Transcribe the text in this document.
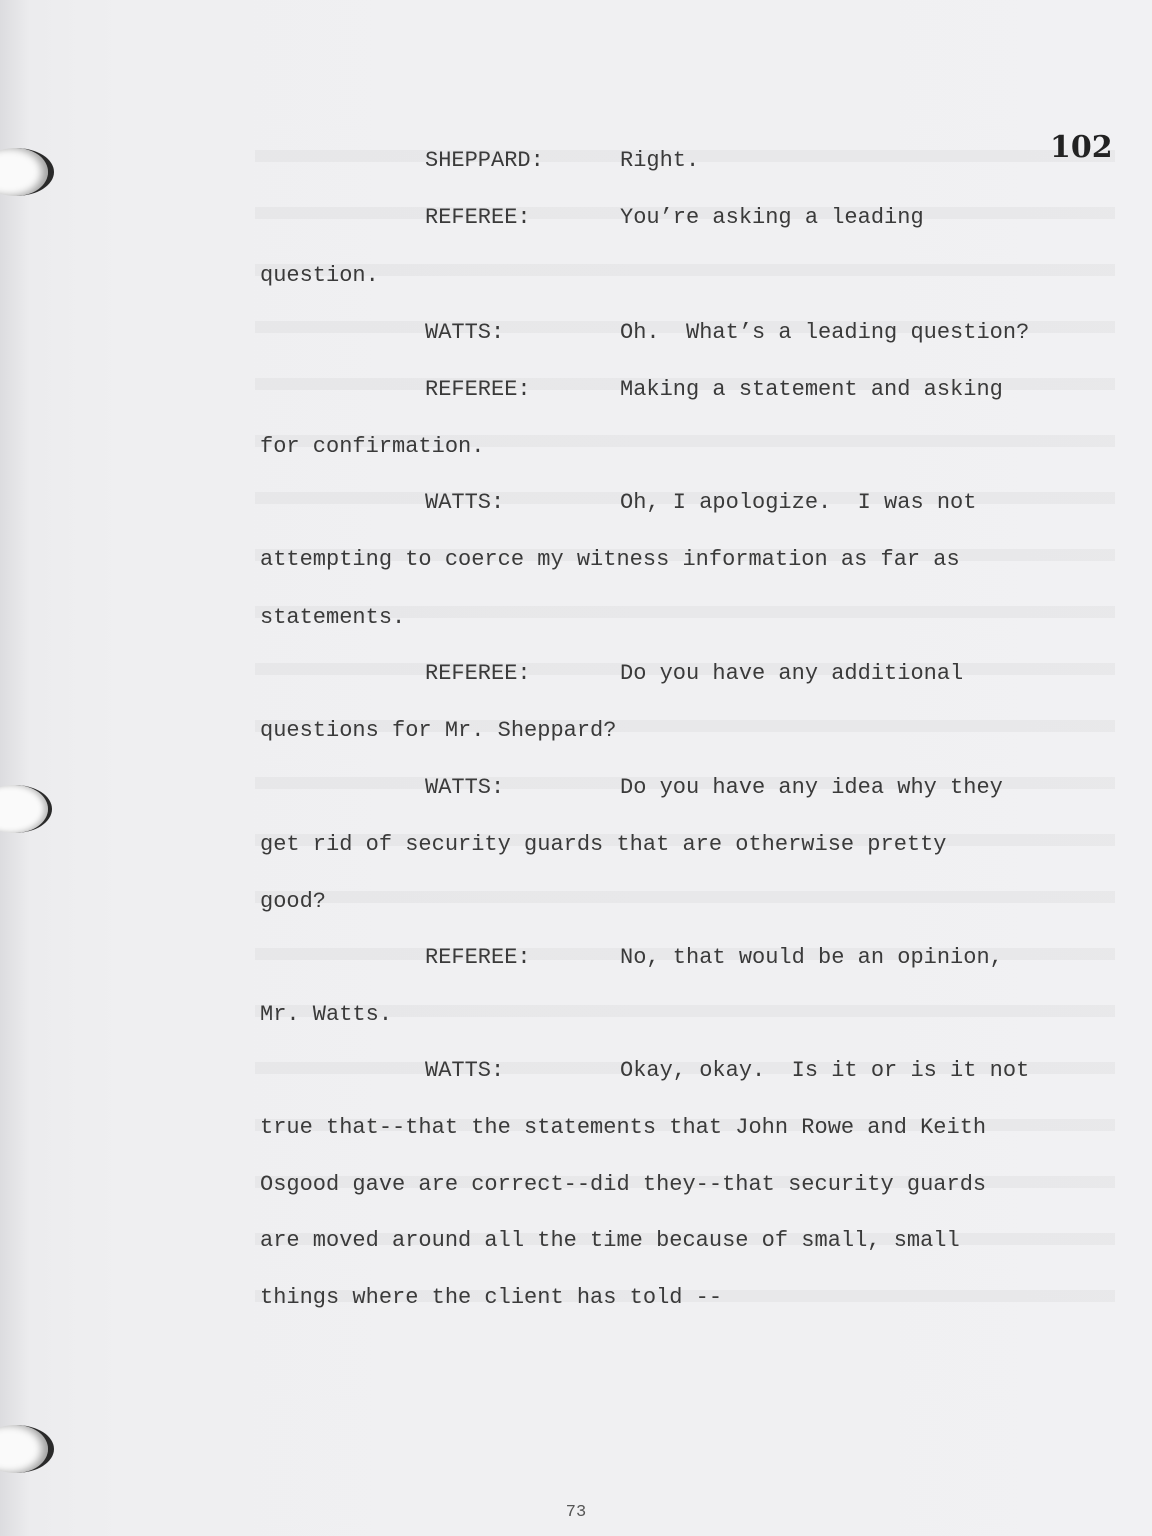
102
SHEPPARD:	Right.
REFEREE:	You’re asking a leading
question.
WATTS:	Oh.  What’s a leading question?
REFEREE:	Making a statement and asking
for confirmation.
WATTS:	Oh, I apologize.  I was not
attempting to coerce my witness information as far as
statements.
REFEREE:	Do you have any additional
questions for Mr. Sheppard?
WATTS:	Do you have any idea why they
get rid of security guards that are otherwise pretty
good?
REFEREE:	No, that would be an opinion,
Mr. Watts.
WATTS:	Okay, okay.  Is it or is it not
true that--that the statements that John Rowe and Keith
Osgood gave are correct--did they--that security guards
are moved around all the time because of small, small
things where the client has told --
73
